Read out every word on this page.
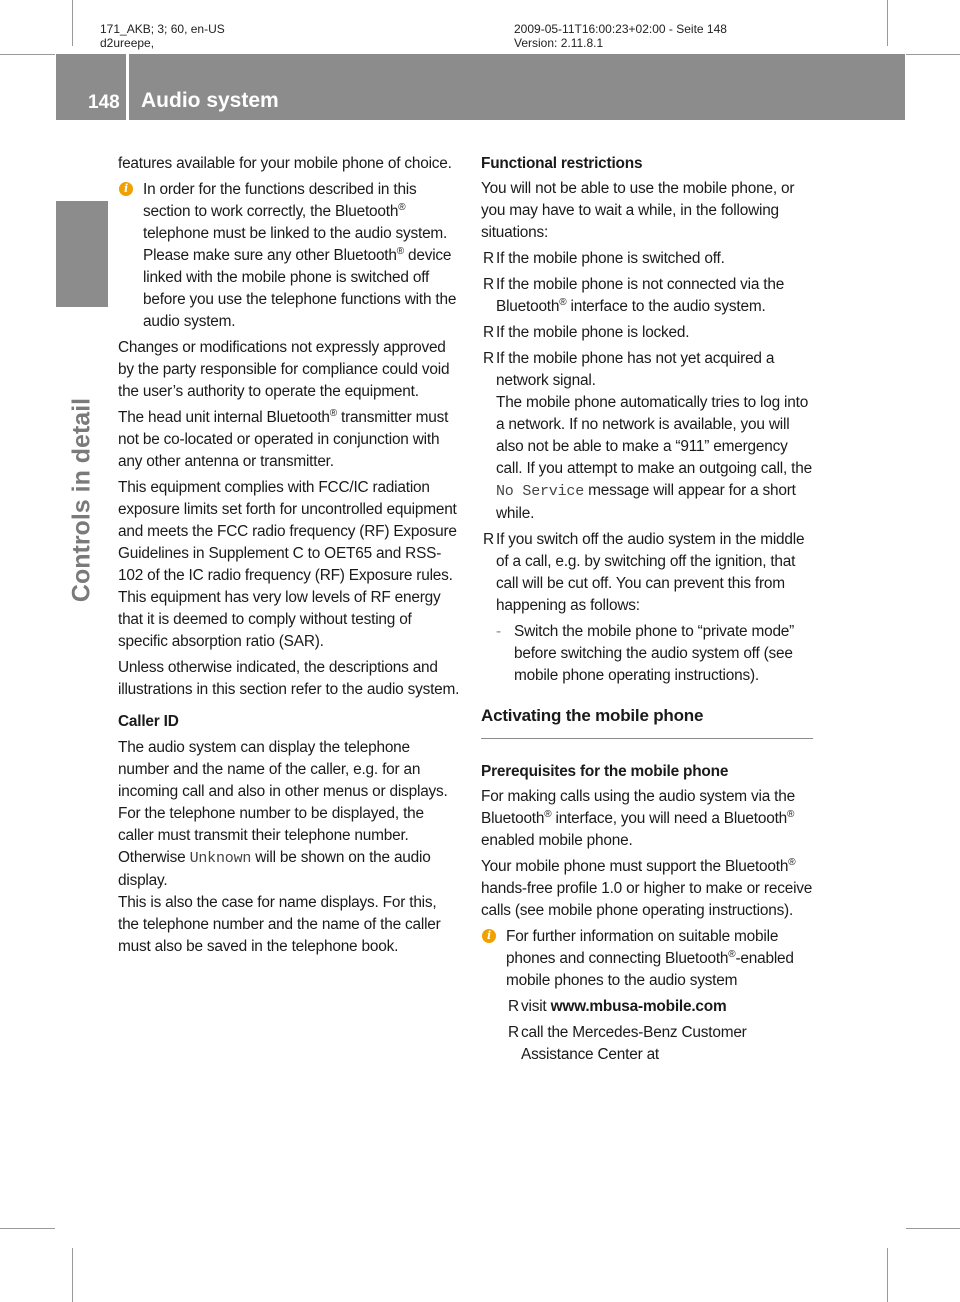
171_AKB; 3; 60, en-US
d2ureepe,
2009-05-11T16:00:23+02:00 - Seite 148
Version: 2.11.8.1
148 Audio system
Controls in detail

features available for your mobile phone of choice.

i In order for the functions described in this section to work correctly, the Bluetooth® telephone must be linked to the audio system. Please make sure any other Bluetooth® device linked with the mobile phone is switched off before you use the telephone functions with the audio system.

Changes or modifications not expressly approved by the party responsible for compliance could void the user’s authority to operate the equipment.

The head unit internal Bluetooth® transmitter must not be co-located or operated in conjunction with any other antenna or transmitter.

This equipment complies with FCC/IC radiation exposure limits set forth for uncontrolled equipment and meets the FCC radio frequency (RF) Exposure Guidelines in Supplement C to OET65 and RSS-102 of the IC radio frequency (RF) Exposure rules. This equipment has very low levels of RF energy that it is deemed to comply without testing of specific absorption ratio (SAR).

Unless otherwise indicated, the descriptions and illustrations in this section refer to the audio system.

Caller ID

The audio system can display the telephone number and the name of the caller, e.g. for an incoming call and also in other menus or displays.

For the telephone number to be displayed, the caller must transmit their telephone number. Otherwise Unknown will be shown on the audio display.

This is also the case for name displays. For this, the telephone number and the name of the caller must also be saved in the telephone book.

Functional restrictions

You will not be able to use the mobile phone, or you may have to wait a while, in the following situations:

R If the mobile phone is switched off.
R If the mobile phone is not connected via the Bluetooth® interface to the audio system.
R If the mobile phone is locked.
R If the mobile phone has not yet acquired a network signal.
The mobile phone automatically tries to log into a network. If no network is available, you will also not be able to make a “911” emergency call. If you attempt to make an outgoing call, the No Service message will appear for a short while.
R If you switch off the audio system in the middle of a call, e.g. by switching off the ignition, that call will be cut off. You can prevent this from happening as follows:
- Switch the mobile phone to “private mode” before switching the audio system off (see mobile phone operating instructions).
Activating the mobile phone
Prerequisites for the mobile phone

For making calls using the audio system via the Bluetooth® interface, you will need a Bluetooth® enabled mobile phone.

Your mobile phone must support the Bluetooth® hands-free profile 1.0 or higher to make or receive calls (see mobile phone operating instructions).

i For further information on suitable mobile phones and connecting Bluetooth®-enabled mobile phones to the audio system
R visit www.mbusa-mobile.com
R call the Mercedes-Benz Customer Assistance Center at
